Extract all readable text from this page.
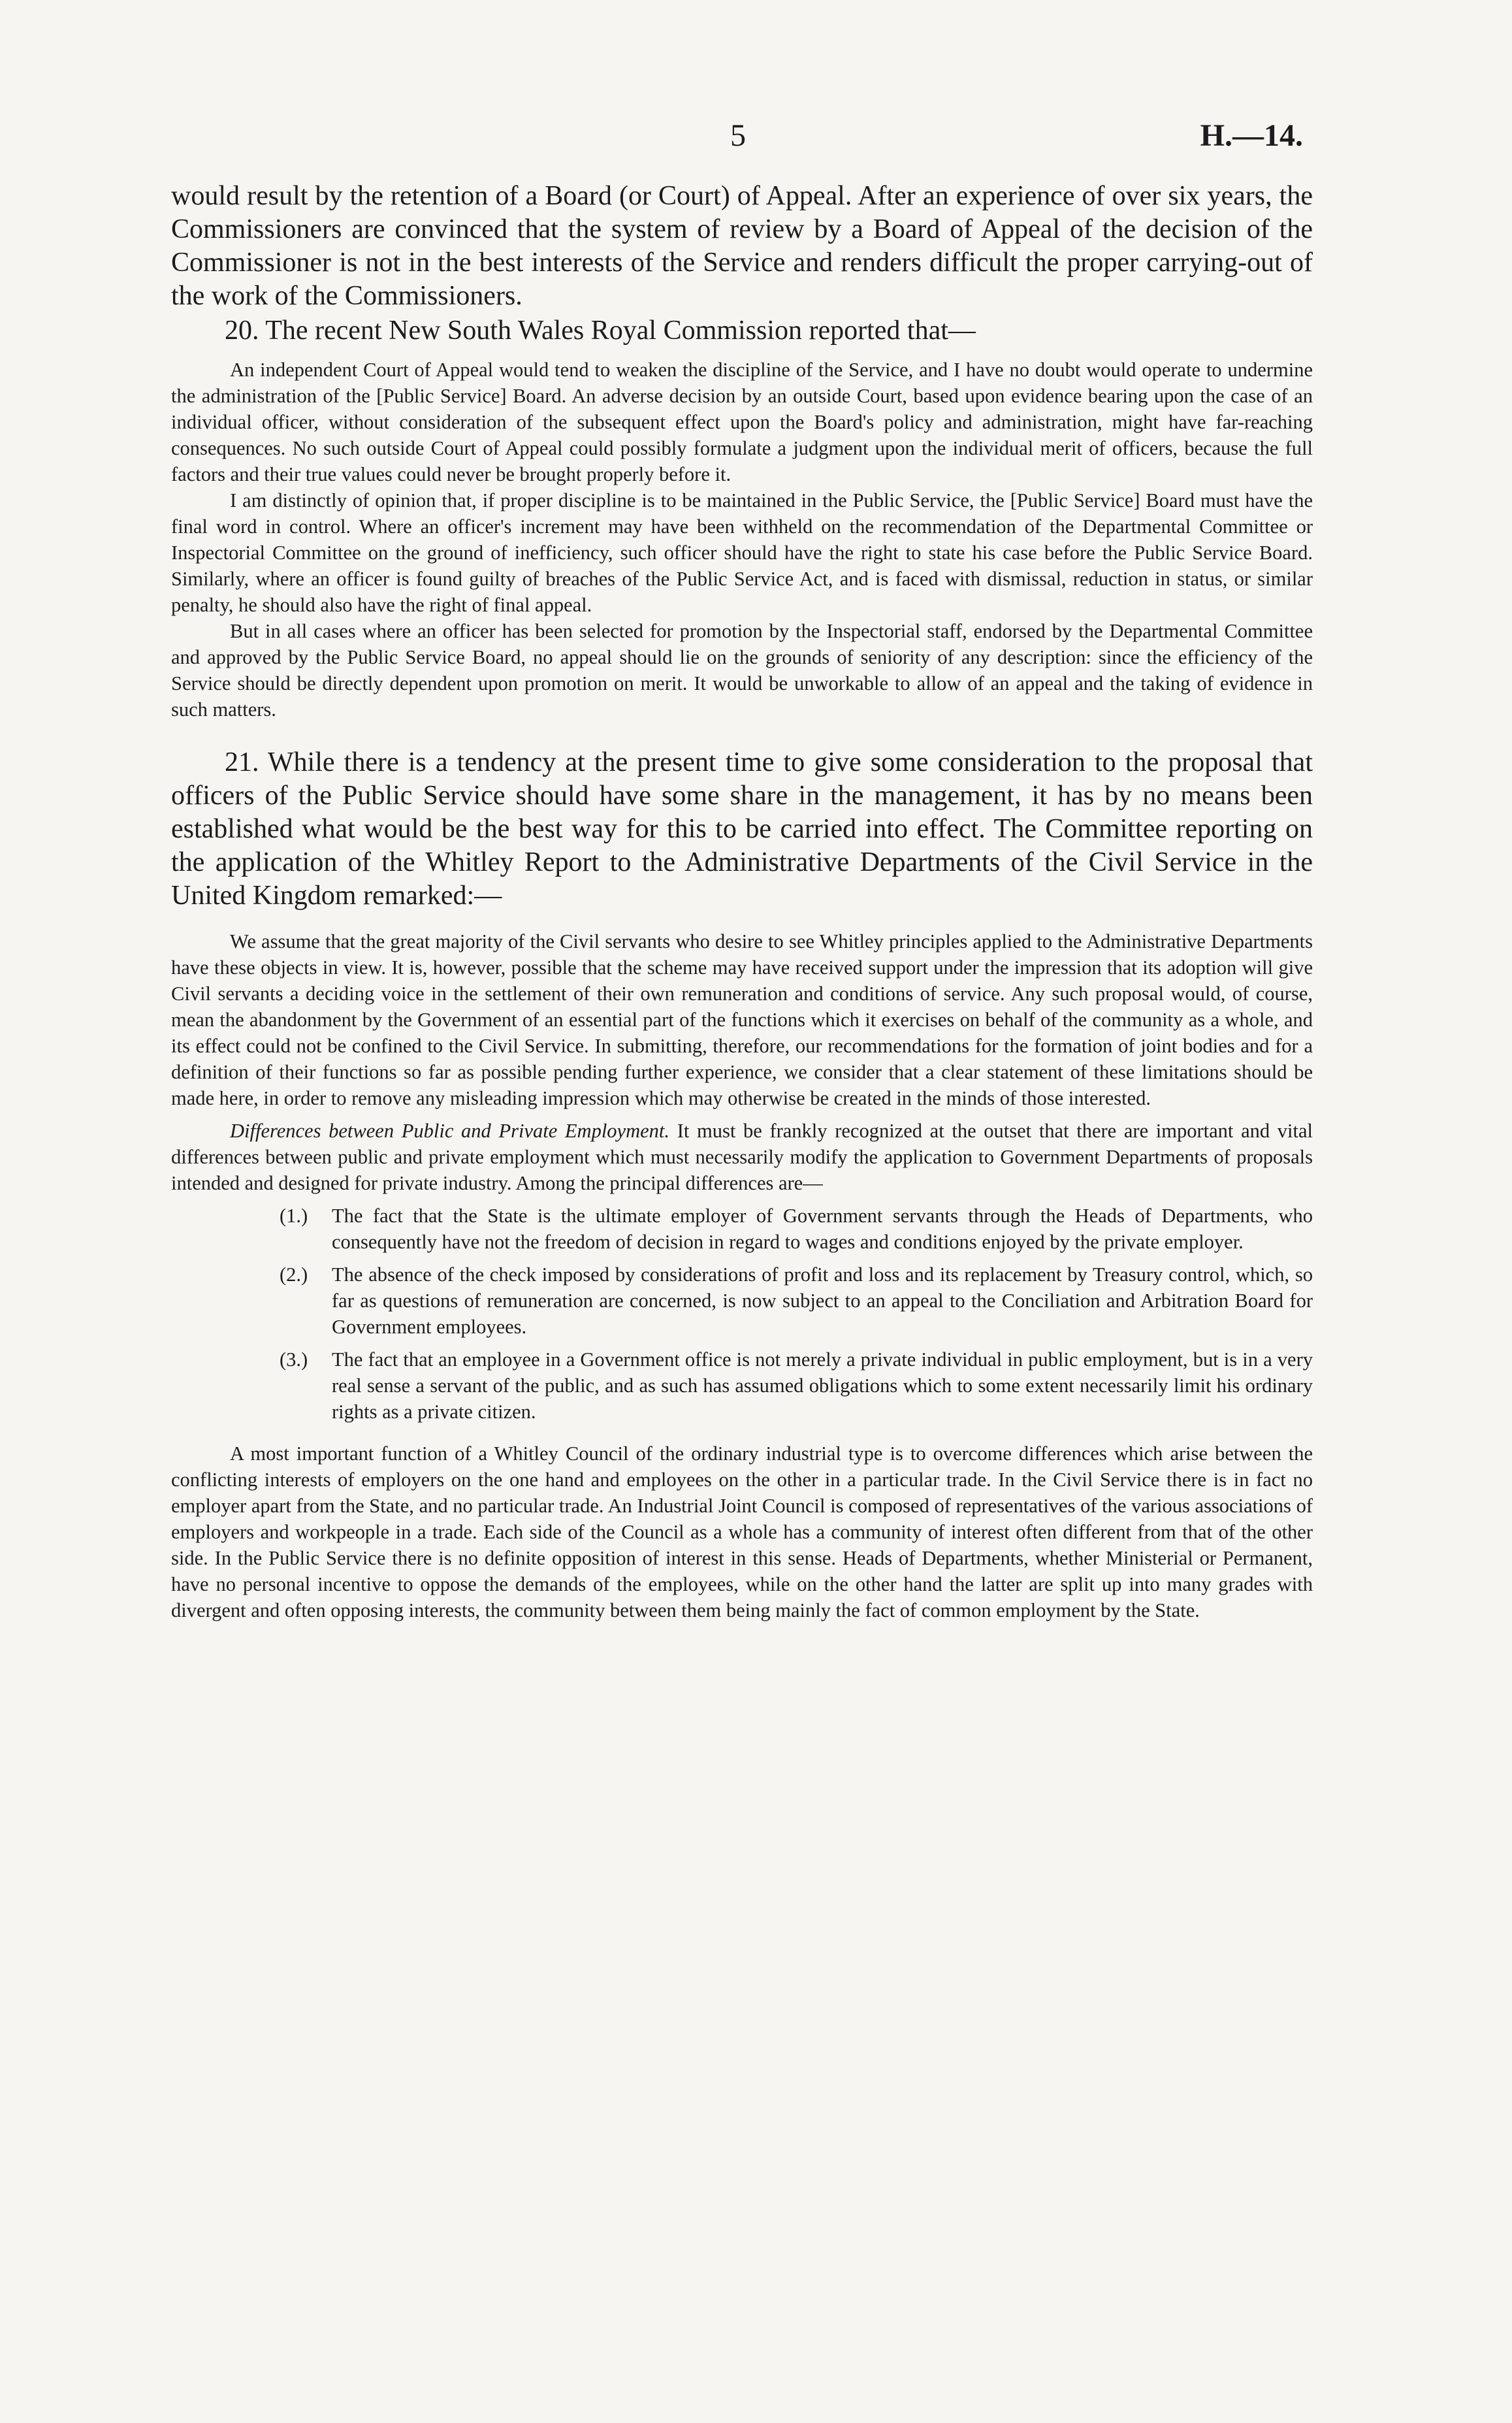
5	H.—14.

would result by the retention of a Board (or Court) of Appeal. After an experience of over six years, the Commissioners are convinced that the system of review by a Board of Appeal of the decision of the Commissioner is not in the best interests of the Service and renders difficult the proper carrying-out of the work of the Commissioners.

20. The recent New South Wales Royal Commission reported that—

An independent Court of Appeal would tend to weaken the discipline of the Service, and I have no doubt would operate to undermine the administration of the [Public Service] Board. An adverse decision by an outside Court, based upon evidence bearing upon the case of an individual officer, without consideration of the subsequent effect upon the Board's policy and administration, might have far-reaching consequences. No such outside Court of Appeal could possibly formulate a judgment upon the individual merit of officers, because the full factors and their true values could never be brought properly before it.

I am distinctly of opinion that, if proper discipline is to be maintained in the Public Service, the [Public Service] Board must have the final word in control. Where an officer's increment may have been withheld on the recommendation of the Departmental Committee or Inspectorial Committee on the ground of inefficiency, such officer should have the right to state his case before the Public Service Board. Similarly, where an officer is found guilty of breaches of the Public Service Act, and is faced with dismissal, reduction in status, or similar penalty, he should also have the right of final appeal.

But in all cases where an officer has been selected for promotion by the Inspectorial staff, endorsed by the Departmental Committee and approved by the Public Service Board, no appeal should lie on the grounds of seniority of any description: since the efficiency of the Service should be directly dependent upon promotion on merit. It would be unworkable to allow of an appeal and the taking of evidence in such matters.

21. While there is a tendency at the present time to give some consideration to the proposal that officers of the Public Service should have some share in the management, it has by no means been established what would be the best way for this to be carried into effect. The Committee reporting on the application of the Whitley Report to the Administrative Departments of the Civil Service in the United Kingdom remarked:—

We assume that the great majority of the Civil servants who desire to see Whitley principles applied to the Administrative Departments have these objects in view. It is, however, possible that the scheme may have received support under the impression that its adoption will give Civil servants a deciding voice in the settlement of their own remuneration and conditions of service. Any such proposal would, of course, mean the abandonment by the Government of an essential part of the functions which it exercises on behalf of the community as a whole, and its effect could not be confined to the Civil Service. In submitting, therefore, our recommendations for the formation of joint bodies and for a definition of their functions so far as possible pending further experience, we consider that a clear statement of these limitations should be made here, in order to remove any misleading impression which may otherwise be created in the minds of those interested.

Differences between Public and Private Employment. It must be frankly recognized at the outset that there are important and vital differences between public and private employment which must necessarily modify the application to Government Departments of proposals intended and designed for private industry. Among the principal differences are—

(1.) The fact that the State is the ultimate employer of Government servants through the Heads of Departments, who consequently have not the freedom of decision in regard to wages and conditions enjoyed by the private employer.

(2.) The absence of the check imposed by considerations of profit and loss and its replacement by Treasury control, which, so far as questions of remuneration are concerned, is now subject to an appeal to the Conciliation and Arbitration Board for Government employees.

(3.) The fact that an employee in a Government office is not merely a private individual in public employment, but is in a very real sense a servant of the public, and as such has assumed obligations which to some extent necessarily limit his ordinary rights as a private citizen.

A most important function of a Whitley Council of the ordinary industrial type is to overcome differences which arise between the conflicting interests of employers on the one hand and employees on the other in a particular trade. In the Civil Service there is in fact no employer apart from the State, and no particular trade. An Industrial Joint Council is composed of representatives of the various associations of employers and workpeople in a trade. Each side of the Council as a whole has a community of interest often different from that of the other side. In the Public Service there is no definite opposition of interest in this sense. Heads of Departments, whether Ministerial or Permanent, have no personal incentive to oppose the demands of the employees, while on the other hand the latter are split up into many grades with divergent and often opposing interests, the community between them being mainly the fact of common employment by the State.
